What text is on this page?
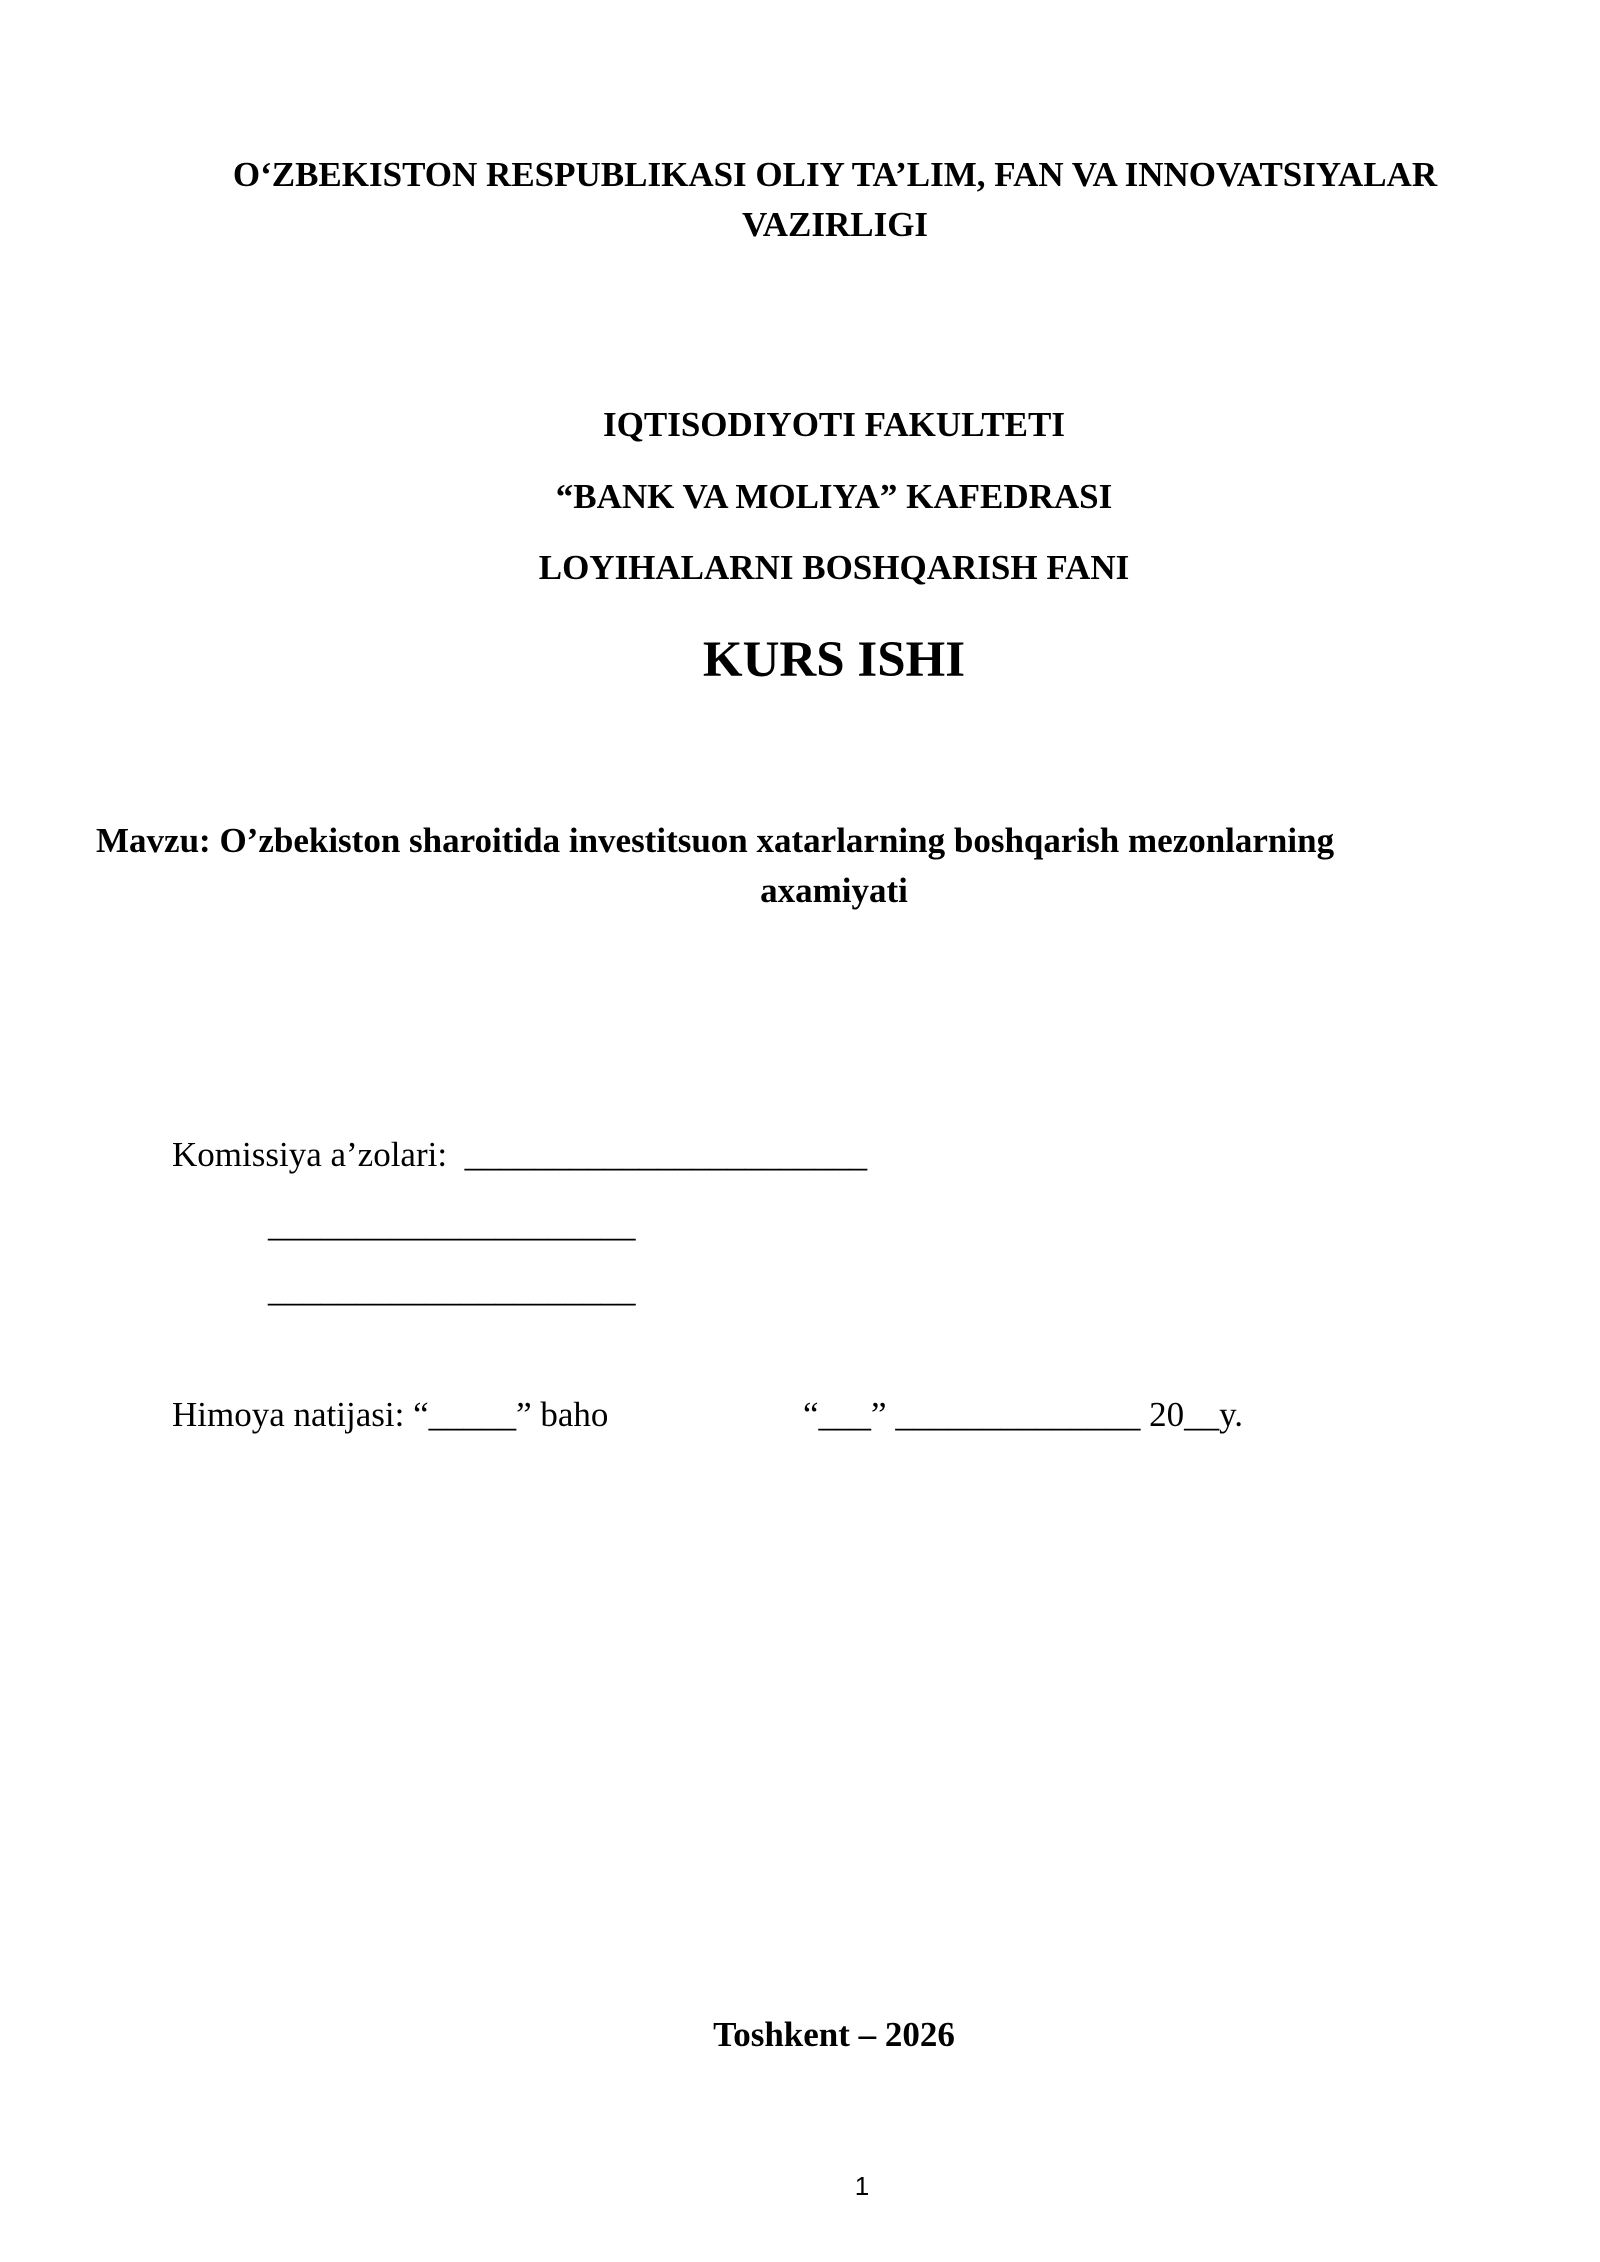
O‘ZBEKISTON RESPUBLIKASI OLIY TA’LIM, FAN VA INNOVATSIYALAR
VAZIRLIGI
IQTISODIYOTI FAKULTETI
“BANK VA MOLIYA” KAFEDRASI
LOYIHALARNI BOSHQARISH FANI
KURS ISHI
Mavzu: O’zbekiston sharoitida investitsuon xatarlarning boshqarish mezonlarning
axamiyati
Komissiya a’zolari: _______________________
_____________________
_____________________
Himoya natijasi: “_____” baho	“___” ______________ 20__y.
Toshkent – 2026
1
